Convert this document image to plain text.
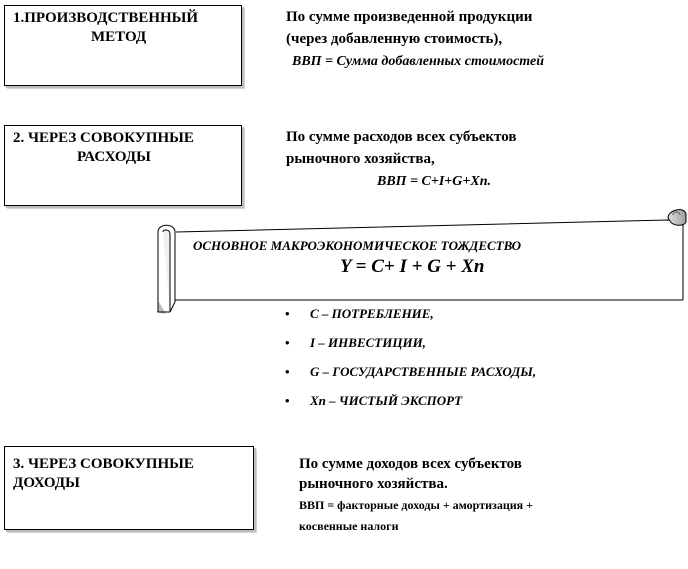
1.ПРОИЗВОДСТВЕННЫЙ
МЕТОД
По сумме произведенной продукции
(через добавленную стоимость),
ВВП = Сумма добавленных стоимостей
2. ЧЕРЕЗ СОВОКУПНЫЕ
РАСХОДЫ
По сумме расходов всех субъектов
рыночного хозяйства,
ВВП = C+I+G+Xn.
ОСНОВНОЕ МАКРОЭКОНОМИЧЕСКОЕ ТОЖДЕСТВО
Y = C+ I + G + Xn
• C – ПОТРЕБЛЕНИЕ,
• I – ИНВЕСТИЦИИ,
• G – ГОСУДАРСТВЕННЫЕ РАСХОДЫ,
• Xn – ЧИСТЫЙ ЭКСПОРТ
3. ЧЕРЕЗ СОВОКУПНЫЕ
ДОХОДЫ
По сумме доходов всех субъектов
рыночного хозяйства.
ВВП = факторные доходы + амортизация +
косвенные налоги
